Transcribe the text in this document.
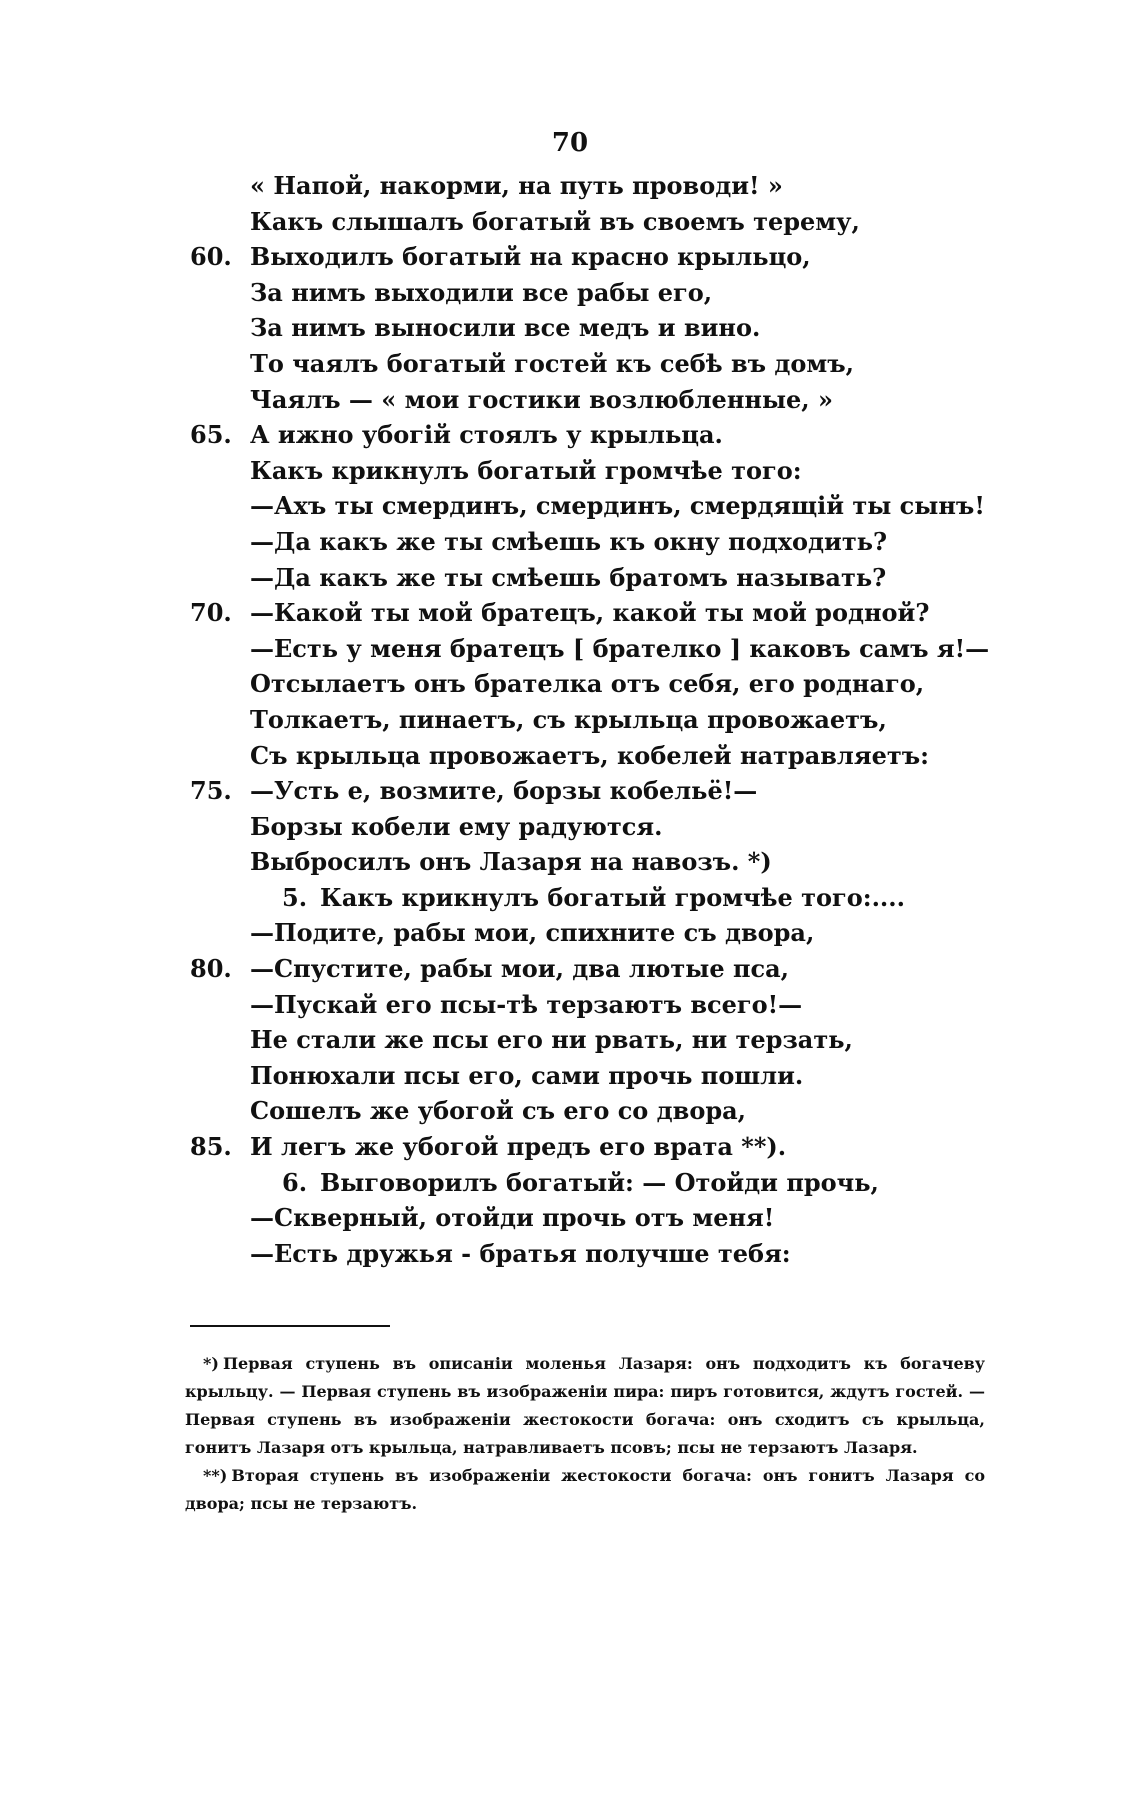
70
« Напой, накорми, на путь проводи! »
Какъ слышалъ богатый въ своемъ терему,
60. Выходилъ богатый на красно крыльцо,
За нимъ выходили все рабы его,
За нимъ выносили все медъ и вино.
То чаялъ богатый гостей къ себѣ въ домъ,
Чаялъ — « мои гостики возлюбленные, »
65. А ижно убогій стоялъ у крыльца.
Какъ крикнулъ богатый громчѣе того:
—Ахъ ты смердинъ, смердинъ, смердящій ты сынъ!
—Да какъ же ты смѣешь къ окну подходить?
—Да какъ же ты смѣешь братомъ называть?
70. —Какой ты мой братецъ, какой ты мой родной?
—Есть у меня братецъ [ брателко ] каковъ самъ я!—
Отсылаетъ онъ брателка отъ себя, его роднаго,
Толкаетъ, пинаетъ, съ крыльца провожаетъ,
Съ крыльца провожаетъ, кобелей натравляетъ:
75. —Усть е, возмите, борзы кобельё!—
Борзы кобели ему радуются.
Выбросилъ онъ Лазаря на навозъ. *)
5. Какъ крикнулъ богатый громчѣе того:....
—Подите, рабы мои, спихните съ двора,
80. —Спустите, рабы мои, два лютые пса,
—Пускай его псы-тѣ терзаютъ всего!—
Не стали же псы его ни рвать, ни терзать,
Понюхали псы его, сами прочь пошли.
Сошелъ же убогой съ его со двора,
85. И легъ же убогой предъ его врата **).
6. Выговорилъ богатый: — Отойди прочь,
—Скверный, отойди прочь отъ меня!
—Есть дружья - братья получше тебя:

*) Первая ступень въ описаніи моленья Лазаря: онъ подходитъ къ богачеву крыльцу. — Первая ступень въ изображеніи пира: пиръ готовится, ждутъ гостей. — Первая ступень въ изображеніи жестокости богача: онъ сходитъ съ крыльца, гонитъ Лазаря отъ крыльца, натравливаетъ псовъ; псы не терзаютъ Лазаря.

**) Вторая ступень въ изображеніи жестокости богача: онъ гонитъ Лазаря со двора; псы не терзаютъ.
